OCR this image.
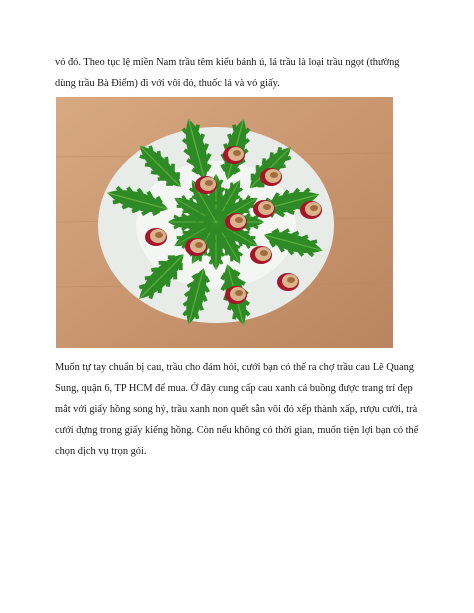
vỏ đỏ. Theo tục lệ miền Nam trầu têm kiểu bánh ú, lá trầu là loại trầu ngọt (thường dùng trầu Bà Điểm) đi với vôi đỏ, thuốc lá và vỏ giấy.

Muốn tự tay chuẩn bị cau, trầu cho đám hỏi, cưới bạn có thể ra chợ trầu cau Lê Quang Sung, quận 6, TP HCM để mua. Ở đây cung cấp cau xanh cả buồng được trang trí đẹp mắt với giấy hồng song hỷ, trầu xanh non quết sẵn vôi đỏ xếp thành xấp, rượu cưới, trà cưới đựng trong giấy kiếng hồng. Còn nếu không có thời gian, muốn tiện lợi bạn có thể chọn dịch vụ trọn gói.
